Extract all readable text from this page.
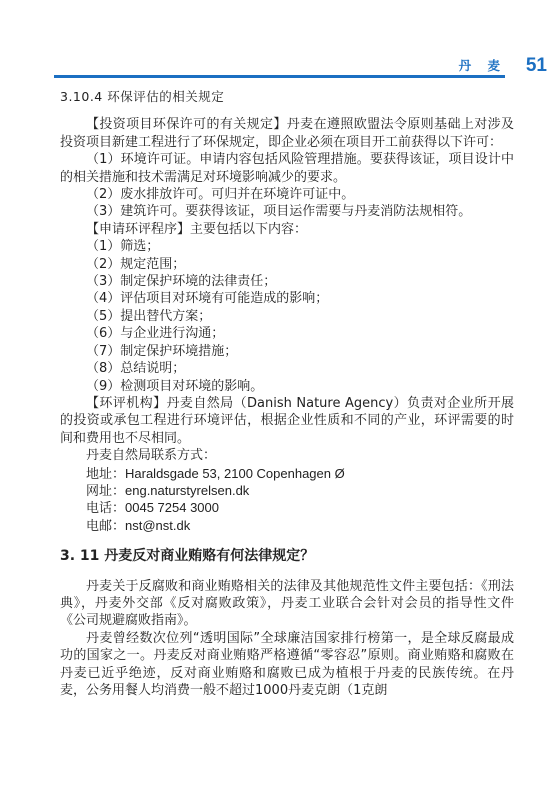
丹 麦 51

3.10.4 环保评估的相关规定

【投资项目环保许可的有关规定】丹麦在遵照欧盟法令原则基础上对涉及投资项目新建工程进行了环保规定，即企业必须在项目开工前获得以下许可：

（1）环境许可证。申请内容包括风险管理措施。要获得该证，项目设计中的相关措施和技术需满足对环境影响减少的要求。

（2）废水排放许可。可归并在环境许可证中。

（3）建筑许可。要获得该证，项目运作需要与丹麦消防法规相符。

【申请环评程序】主要包括以下内容：

（1）筛选；

（2）规定范围；

（3）制定保护环境的法律责任；

（4）评估项目对环境有可能造成的影响；

（5）提出替代方案；

（6）与企业进行沟通；

（7）制定保护环境措施；

（8）总结说明；

（9）检测项目对环境的影响。

【环评机构】丹麦自然局（Danish Nature Agency）负责对企业所开展的投资或承包工程进行环境评估，根据企业性质和不同的产业，环评需要的时间和费用也不尽相同。

丹麦自然局联系方式：

地址：Haraldsgade 53, 2100 Copenhagen Ø

网址：eng.naturstyrelsen.dk

电话：0045 7254 3000

电邮：nst@nst.dk

3. 11 丹麦反对商业贿赂有何法律规定？

丹麦关于反腐败和商业贿赂相关的法律及其他规范性文件主要包括：《刑法典》，丹麦外交部《反对腐败政策》，丹麦工业联合会针对会员的指导性文件《公司规避腐败指南》。

丹麦曾经数次位列“透明国际”全球廉洁国家排行榜第一，是全球反腐最成功的国家之一。丹麦反对商业贿赂严格遵循“零容忍”原则。商业贿赂和腐败在丹麦已近乎绝迹，反对商业贿赂和腐败已成为植根于丹麦的民族传统。在丹麦，公务用餐人均消费一般不超过1000丹麦克朗（1克朗
